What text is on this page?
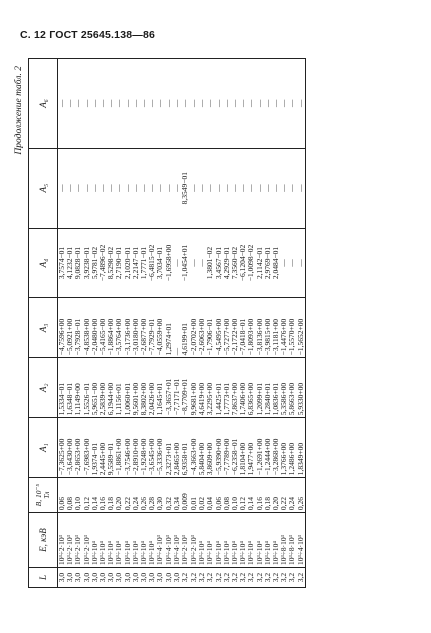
С. 12 ГОСТ 25645.138—86
Продолжение табл. 2
L	E, кэВ	B, 10⁻⁵ Тл	A₁	A₂	A₃	A₄	A₅	A₆
3,0	10³÷2·10³	0,06	−7,3625+00	1,5334−01	−4,7596+00	3,7574−01	—	—
3,0	10³÷2·10³	0,08	−3,6430+00	1,6348−01	−5,0921+00	4,1232−01	—	—
3,0	10³÷2·10³	0,10	−2,8653+00	1,1149+00	−3,7928−01	9,0828−01	—	—
3,0	10³÷2·10³	0,12	−7,6983+00	1,5526−01	−4,8538+00	3,9238−01	—	—
3,0	10³÷10⁴	0,14	1,9374−01	5,9651−00	−2,0480+00	5,9781−02	—	—
3,0	10³÷10⁴	0,16	2,4445+00	2,5839+00	−5,4165−00	−7,4896−02	—	—
3,0	10³÷10⁴	0,18	9,5589−01	6,1944+00	−1,8864+00	8,5298−02	—	—
3,0	10³÷10⁴	0,20	−1,8861+00	1,1156+01	−3,5764+00	2,7190−01	—	—
3,0	10³÷10⁴	0,22	−3,7546+00	1,0060+01	−3,1736+00	2,1020−01	—	—
3,0	10³÷10⁴	0,24	−2,8910+00	9,5601+00	−3,0180+00	2,2147−01	—	—
3,0	10³÷10⁴	0,26	−1,9248+00	8,3802+00	−2,6877+00	1,7771−01	—	—
3,0	10³÷10⁴	0,28	−3,6545+00	2,0426+00	−7,7929−01	−6,4815−02	—	—
3,0	10³÷4·10³	0,30	−5,3336+00	1,1645+01	−4,0559+00	3,7034−01	—	—
3,0	10³÷4·10³	0,32	2,3273+01	−3,3657+01	1,2974+01	−1,6958+00	—	—
3,0	10³÷4·10³	0,34	2,8465+00	−7,7171−01	—	—	—	—
3,2	10³÷2·10³	0,009	6,9358+01	−8,7709+01	4,6199+01	−1,0454+01	8,3549−01	—
3,2	10³÷2·10³	0,01	−4,3663+00	9,9681+00	−2,0702+00	—	—	—
3,2	10³÷10⁴	0,02	5,8404+00	4,6419+00	−2,6063+00	—	—	—
3,2	10³÷10⁴	0,04	3,8609+00	3,2295+00	−1,7906−01	1,3801−02	—	—
3,2	10³÷10⁴	0,06	−5,9390+00	1,4425+01	−4,5495+00	3,4567−01	—	—
3,2	10³÷10⁴	0,08	−7,7789+00	1,7773+01	−5,7277+00	4,2929−01	—	—
3,2	10³÷10⁴	0,10	−6,2358−01	7,8637+00	−2,1722+00	7,3560−02	—	—
3,2	10³÷10⁴	0,12	1,8104+00	1,7406+00	−7,0418−01	−6,1204−02	—	—
3,2	10³÷10⁴	0,14	1,9477+00	6,8365+00	−1,8093+00	−1,0098−02	—	—
3,2	10³÷10⁴	0,16	−1,2691+00	1,2099+01	−3,8136+00	2,1142−01	—	—
3,2	10³÷10⁴	0,18	−1,2444+00	1,2840+01	−3,9815+00	2,9769−01	—	—
3,2	10³÷10⁴	0,20	−3,2868+00	1,0836+01	−3,1181+00	2,0484−01	—	—
3,2	10³÷8·10³	0,22	1,3766+00	5,3586+00	−1,4476+00	—	—	—
3,2	10³÷8·10³	0,24	1,2486+00	5,8663+00	−1,5570+00	—	—	—
3,2	10³÷4·10³	0,26	1,8349+00	5,9330+00	−1,5652+00	—	—	—
